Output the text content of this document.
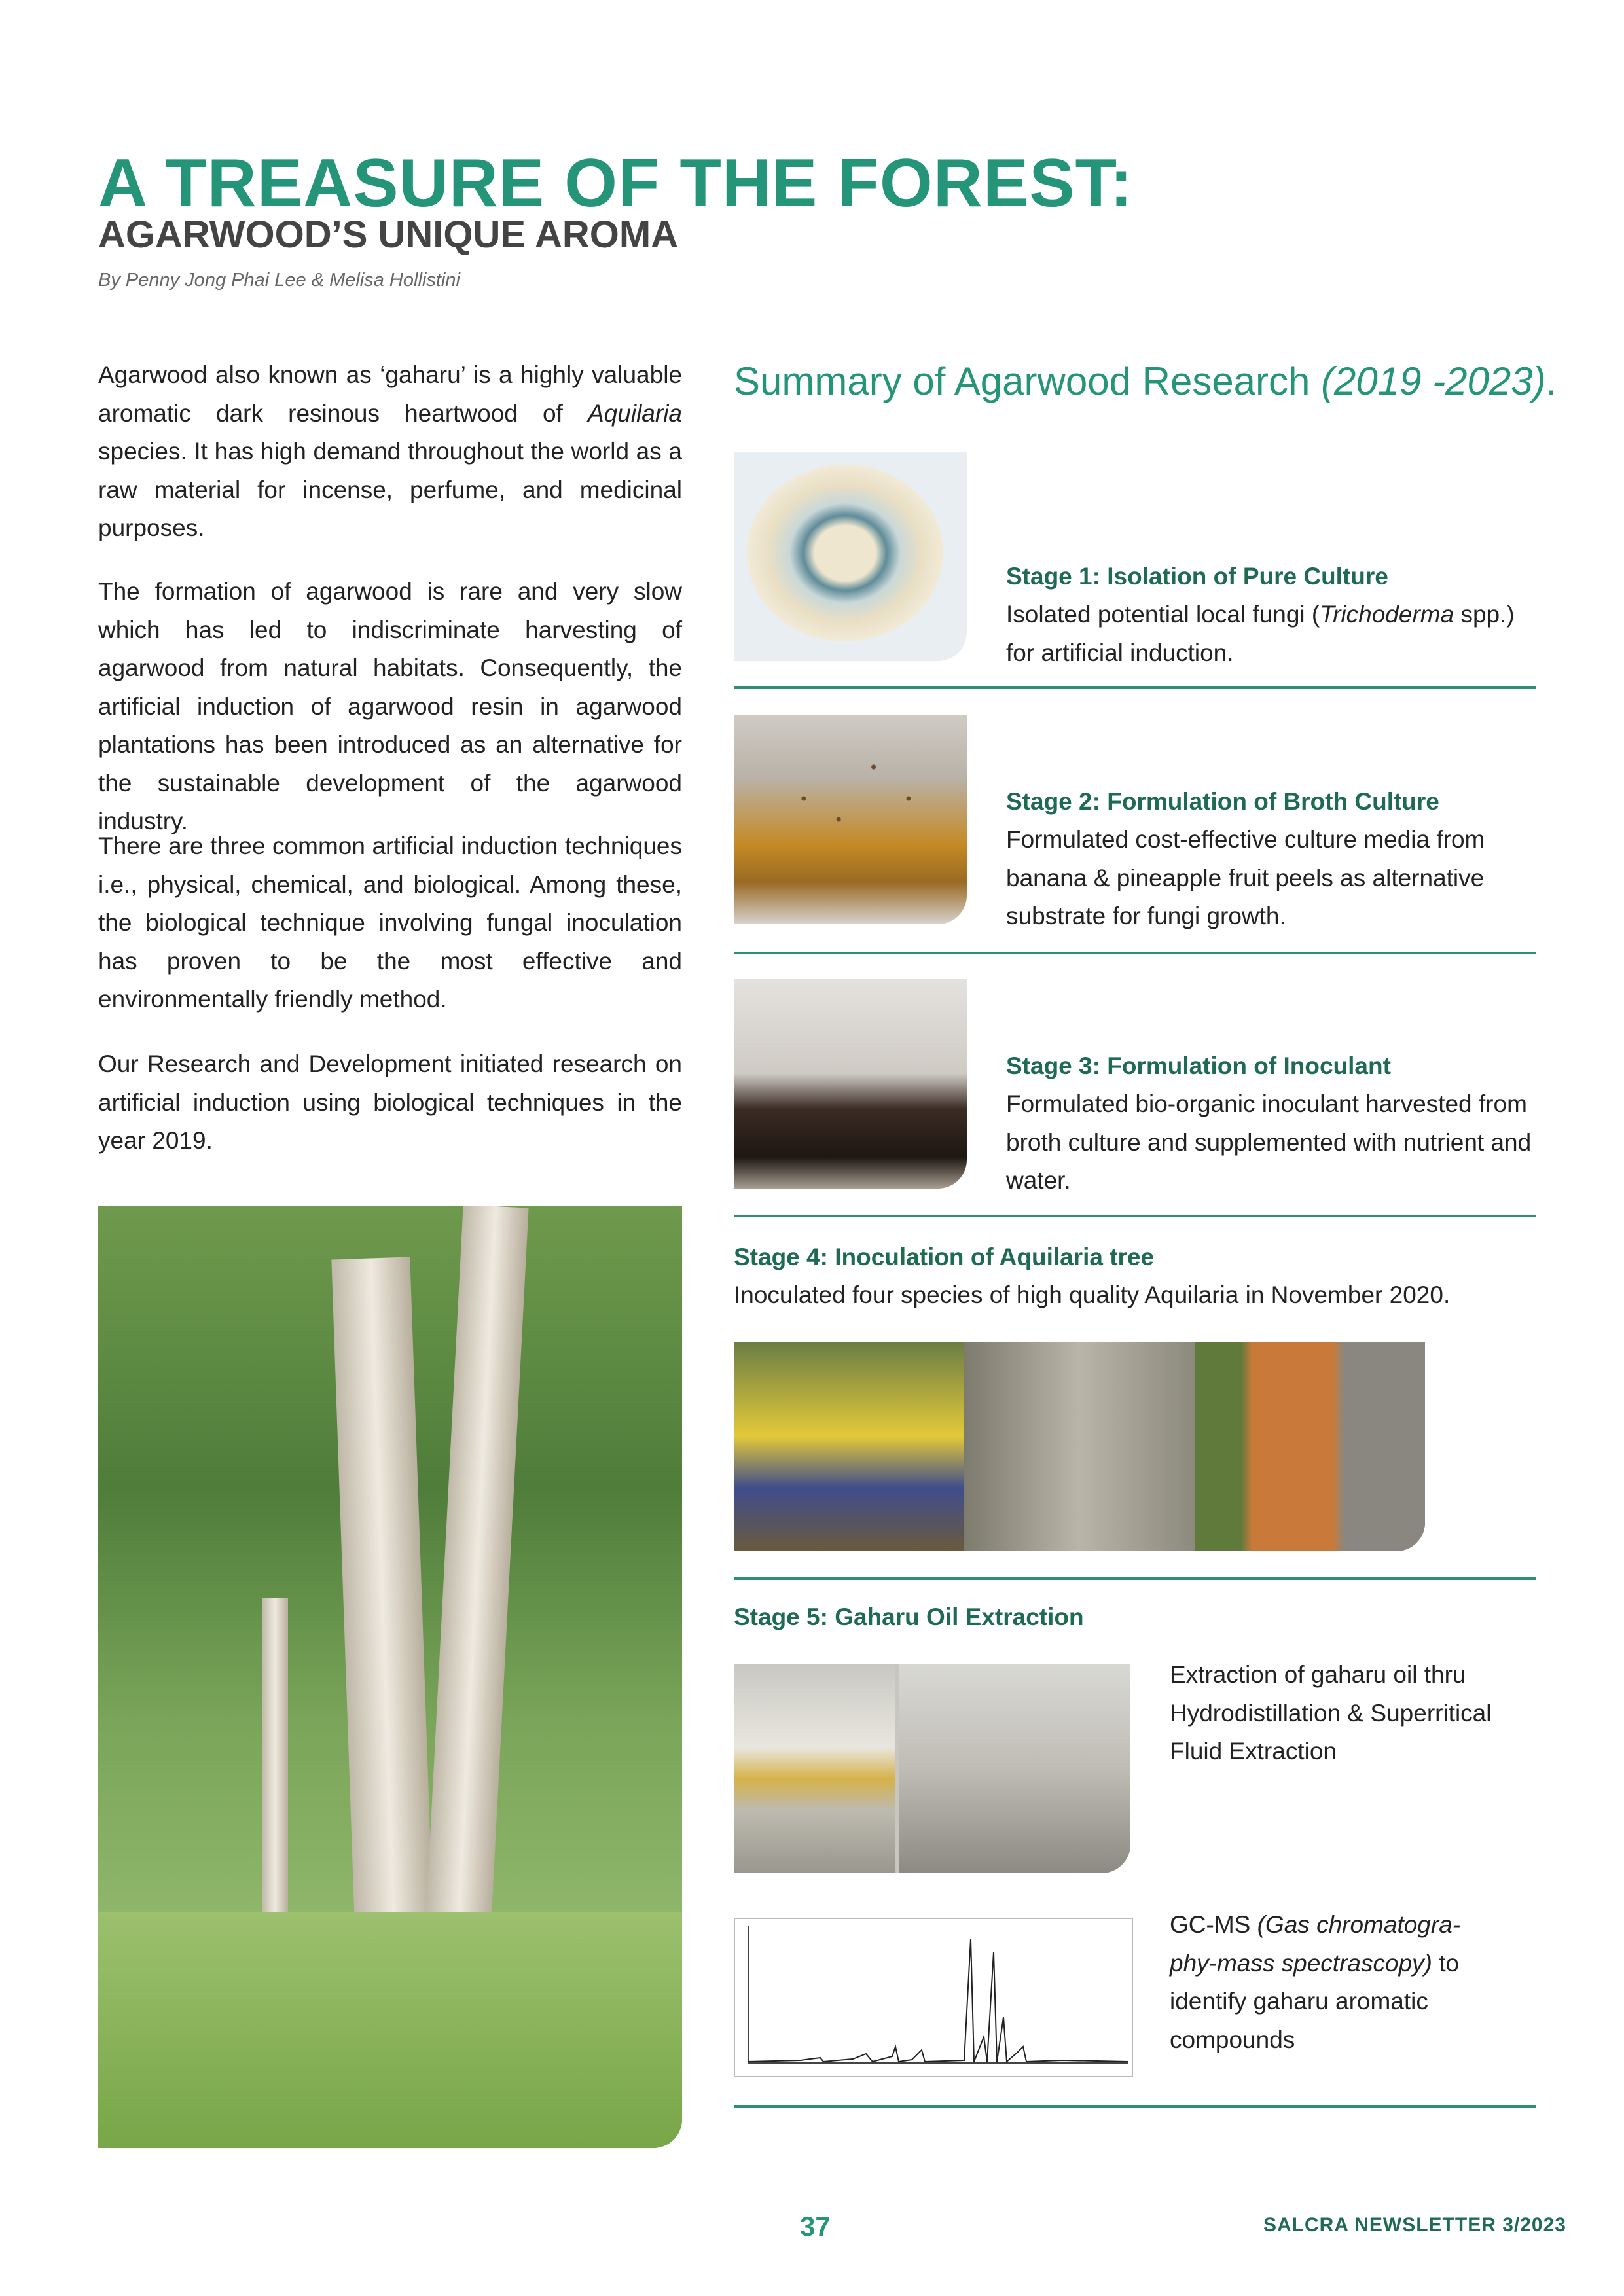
A TREASURE OF THE FOREST:
AGARWOOD’S UNIQUE AROMA
By Penny Jong Phai Lee & Melisa Hollistini
Agarwood also known as ‘gaharu’ is a highly valuable aromatic dark resinous heartwood of Aquilaria species. It has high demand throughout the world as a raw material for incense, perfume, and medicinal purposes.
The formation of agarwood is rare and very slow which has led to indiscriminate harvesting of agarwood from natural habitats. Consequently, the artificial induction of agarwood resin in agarwood plantations has been introduced as an alternative for the sustainable development of the agarwood industry.
There are three common artificial induction techniques i.e., physical, chemical, and biological. Among these, the biological technique involving fungal inoculation has proven to be the most effective and environmentally friendly method.
Our Research and Development initiated research on artificial induction using biological techniques in the year 2019.
Summary of Agarwood Research (2019 -2023).
Stage 1: Isolation of Pure Culture
Isolated potential local fungi (Trichoderma spp.) for artificial induction.
Stage 2: Formulation of Broth Culture
Formulated cost-effective culture media from banana & pineapple fruit peels as alternative substrate for fungi growth.
Stage 3: Formulation of Inoculant
Formulated bio-organic inoculant harvested from broth culture and supplemented with nutrient and water.
Stage 4: Inoculation of Aquilaria tree
Inoculated four species of high quality Aquilaria in November 2020.
Stage 5: Gaharu Oil Extraction
Extraction of gaharu oil thru Hydrodistillation & Superritical Fluid Extraction
GC-MS (Gas chromatogra-phy-mass spectrascopy) to identify gaharu aromatic compounds
37	SALCRA NEWSLETTER 3/2023
